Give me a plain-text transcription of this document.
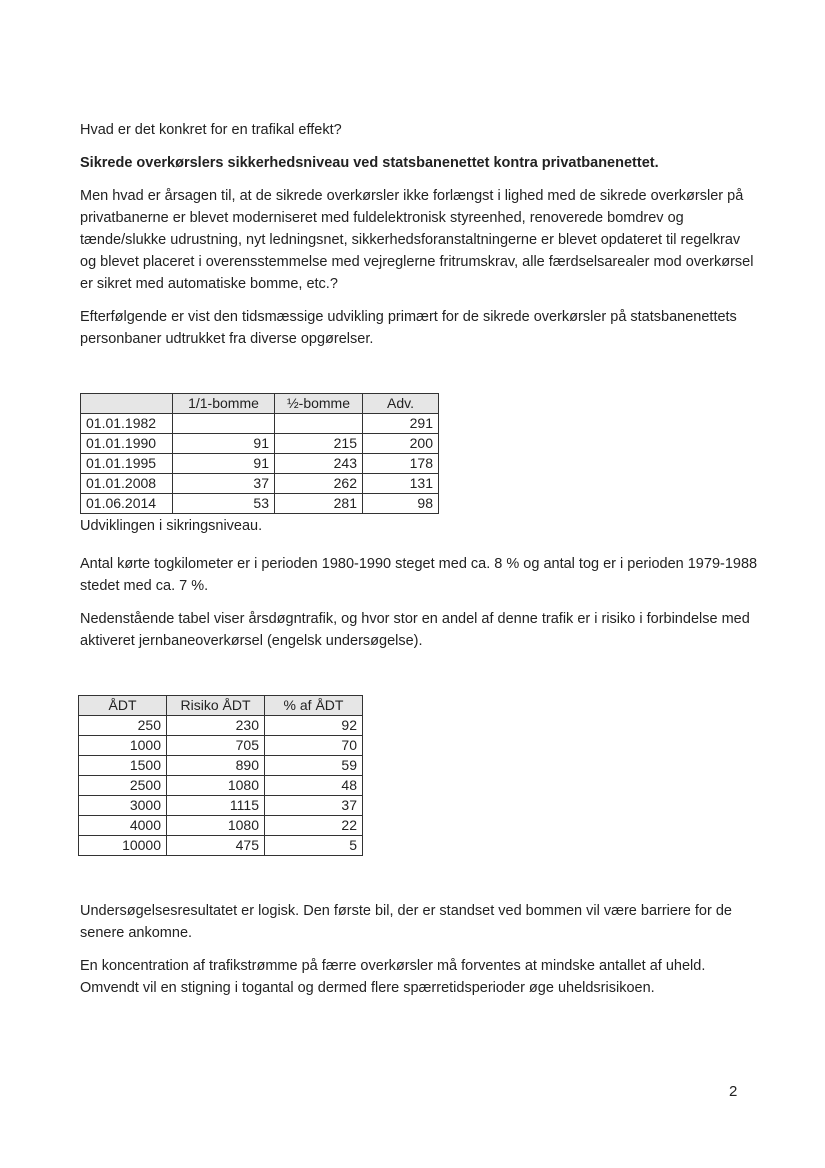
Hvad er det konkret for en trafikal effekt?

Sikrede overkørslers sikkerhedsniveau ved statsbanenettet kontra privatbanenettet.

Men hvad er årsagen til, at de sikrede overkørsler ikke forlængst i lighed med de sikrede overkørsler på privatbanerne er blevet moderniseret med fuldelektronisk styreenhed, renoverede bomdrev og tænde/slukke udrustning, nyt ledningsnet, sikkerhedsforanstaltningerne er blevet opdateret til regelkrav og blevet placeret i overensstemmelse med vejreglerne fritrumskrav, alle færdselsarealer mod overkørsel er sikret med automatiske bomme, etc.?

Efterfølgende er vist den tidsmæssige udvikling primært for de sikrede overkørsler på statsbanenettets personbaner udtrukket fra diverse opgørelser.

	1/1-bomme	½-bomme	Adv.
01.01.1982			291
01.01.1990	91	215	200
01.01.1995	91	243	178
01.01.2008	37	262	131
01.06.2014	53	281	98

Udviklingen i sikringsniveau.

Antal kørte togkilometer er i perioden 1980-1990 steget med ca. 8 % og antal tog er i perioden 1979-1988 stedet med ca. 7 %.

Nedenstående tabel viser årsdøgntrafik, og hvor stor en andel af denne trafik er i risiko i forbindelse med aktiveret jernbaneoverkørsel (engelsk undersøgelse).

ÅDT	Risiko ÅDT	% af ÅDT
250	230	92
1000	705	70
1500	890	59
2500	1080	48
3000	1115	37
4000	1080	22
10000	475	5

Undersøgelsesresultatet er logisk. Den første bil, der er standset ved bommen vil være barriere for de senere ankomne.

En koncentration af trafikstrømme på færre overkørsler må forventes at mindske antallet af uheld. Omvendt vil en stigning i togantal og dermed flere spærretidsperioder øge uheldsrisikoen.

2
